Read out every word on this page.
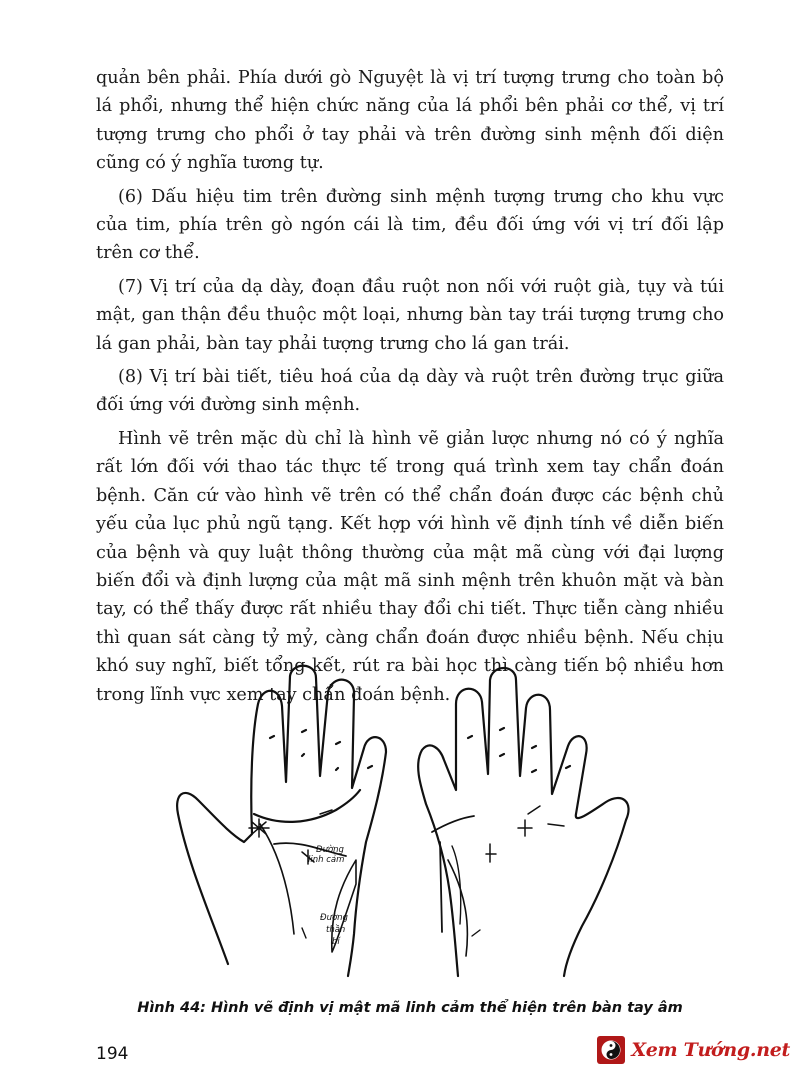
quản bên phải. Phía dưới gò Nguyệt là vị trí tượng trưng cho toàn bộ lá phổi, nhưng thể hiện chức năng của lá phổi bên phải cơ thể, vị trí tượng trưng cho phổi ở tay phải và trên đường sinh mệnh đối diện cũng có ý nghĩa tương tự.

(6) Dấu hiệu tim trên đường sinh mệnh tượng trưng cho khu vực của tim, phía trên gò ngón cái là tim, đều đối ứng với vị trí đối lập trên cơ thể.

(7) Vị trí của dạ dày, đoạn đầu ruột non nối với ruột già, tụy và túi mật, gan thận đều thuộc một loại, nhưng bàn tay trái tượng trưng cho lá gan phải, bàn tay phải tượng trưng cho lá gan trái.

(8) Vị trí bài tiết, tiêu hoá của dạ dày và ruột trên đường trục giữa đối ứng với đường sinh mệnh.

Hình vẽ trên mặc dù chỉ là hình vẽ giản lược nhưng nó có ý nghĩa rất lớn đối với thao tác thực tế trong quá trình xem tay chẩn đoán bệnh. Căn cứ vào hình vẽ trên có thể chẩn đoán được các bệnh chủ yếu của lục phủ ngũ tạng. Kết hợp với hình vẽ định tính về diễn biến của bệnh và quy luật thông thường của mật mã cùng với đại lượng biến đổi và định lượng của mật mã sinh mệnh trên khuôn mặt và bàn tay, có thể thấy được rất nhiều thay đổi chi tiết. Thực tiễn càng nhiều thì quan sát càng tỷ mỷ, càng chẩn đoán được nhiều bệnh. Nếu chịu khó suy nghĩ, biết tổng kết, rút ra bài học thì càng tiến bộ nhiều hơn trong lĩnh vực xem tay chẩn đoán bệnh.

Đường
linh cảm
Đường
thần
bí
Hình 44: Hình vẽ định vị mật mã linh cảm thể hiện trên bàn tay âm
194	Xem Tướng.net
